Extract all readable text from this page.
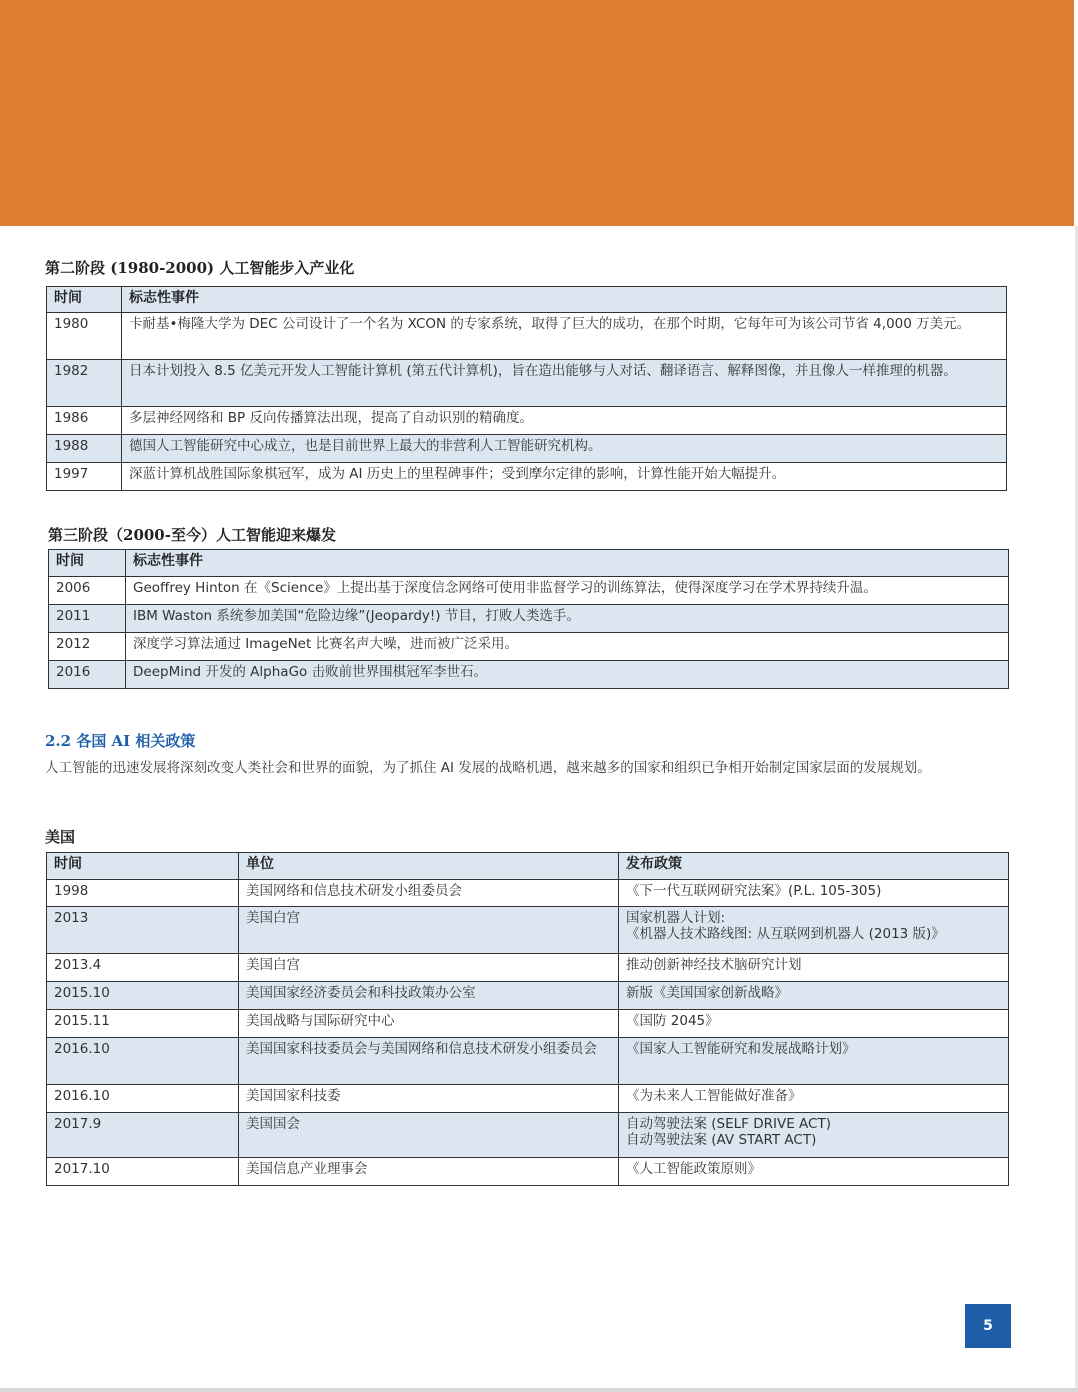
第二阶段 (1980-2000) 人工智能步入产业化
时间	标志性事件
1980	卡耐基•梅隆大学为 DEC 公司设计了一个名为 XCON 的专家系统，取得了巨大的成功，在那个时期，它每年可为该公司节省 4,000 万美元。
1982	日本计划投入 8.5 亿美元开发人工智能计算机 (第五代计算机)，旨在造出能够与人对话、翻译语言、解释图像，并且像人一样推理的机器。
1986	多层神经网络和 BP 反向传播算法出现，提高了自动识别的精确度。
1988	德国人工智能研究中心成立，也是目前世界上最大的非营利人工智能研究机构。
1997	深蓝计算机战胜国际象棋冠军，成为 AI 历史上的里程碑事件；受到摩尔定律的影响，计算性能开始大幅提升。
第三阶段（2000-至今）人工智能迎来爆发
时间	标志性事件
2006	Geoffrey Hinton 在《Science》上提出基于深度信念网络可使用非监督学习的训练算法，使得深度学习在学术界持续升温。
2011	IBM Waston 系统参加美国“危险边缘”(Jeopardy!) 节目，打败人类选手。
2012	深度学习算法通过 ImageNet 比赛名声大噪，进而被广泛采用。
2016	DeepMind 开发的 AlphaGo 击败前世界围棋冠军李世石。
2.2 各国 AI 相关政策

人工智能的迅速发展将深刻改变人类社会和世界的面貌，为了抓住 AI 发展的战略机遇，越来越多的国家和组织已争相开始制定国家层面的发展规划。

美国
时间	单位	发布政策
1998	美国网络和信息技术研发小组委员会	《下一代互联网研究法案》(P.L. 105-305)
2013	美国白宫	国家机器人计划:
《机器人技术路线图: 从互联网到机器人 (2013 版)》
2013.4	美国白宫	推动创新神经技术脑研究计划
2015.10	美国国家经济委员会和科技政策办公室	新版《美国国家创新战略》
2015.11	美国战略与国际研究中心	《国防 2045》
2016.10	美国国家科技委员会与美国网络和信息技术研发小组委员会	《国家人工智能研究和发展战略计划》
2016.10	美国国家科技委	《为未来人工智能做好准备》
2017.9	美国国会	自动驾驶法案 (SELF DRIVE ACT)
自动驾驶法案 (AV START ACT)
2017.10	美国信息产业理事会	《人工智能政策原则》
5
